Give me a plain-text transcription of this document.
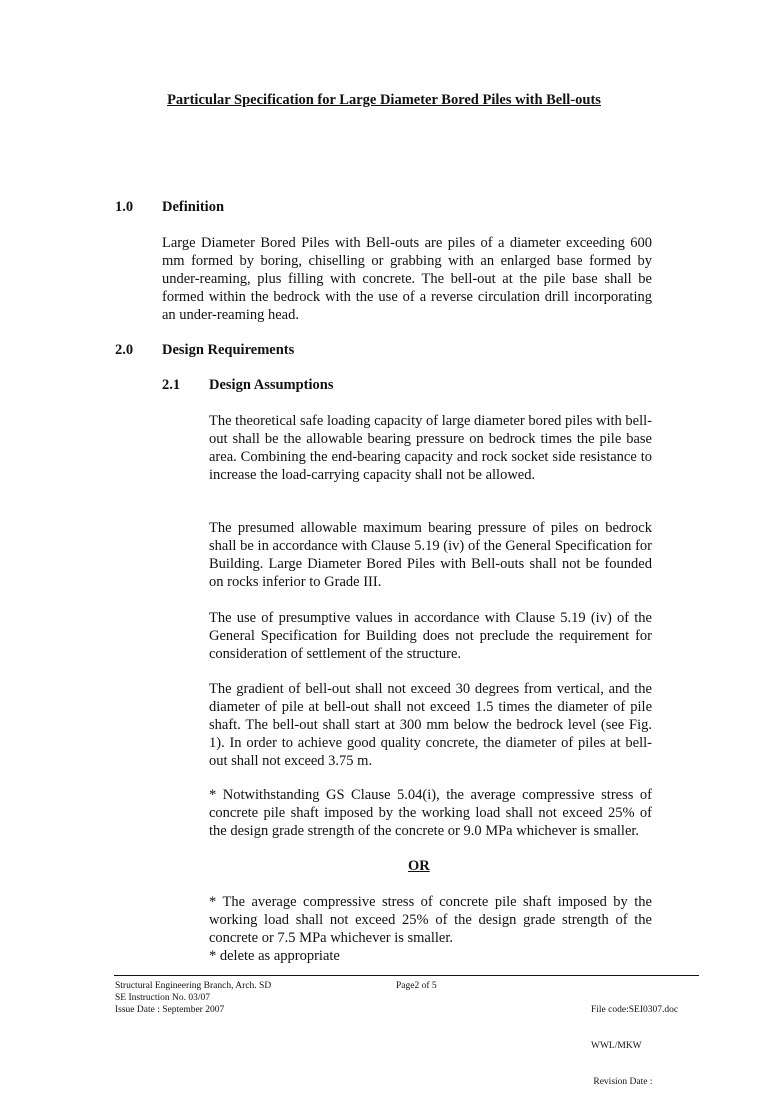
Particular Specification for Large Diameter Bored Piles with Bell-outs
1.0 Definition
Large Diameter Bored Piles with Bell-outs are piles of a diameter exceeding 600 mm formed by boring, chiselling or grabbing with an enlarged base formed by under-reaming, plus filling with concrete. The bell-out at the pile base shall be formed within the bedrock with the use of a reverse circulation drill incorporating an under-reaming head.
2.0 Design Requirements
2.1 Design Assumptions
The theoretical safe loading capacity of large diameter bored piles with bell-out shall be the allowable bearing pressure on bedrock times the pile base area. Combining the end-bearing capacity and rock socket side resistance to increase the load-carrying capacity shall not be allowed.
The presumed allowable maximum bearing pressure of piles on bedrock shall be in accordance with Clause 5.19 (iv) of the General Specification for Building. Large Diameter Bored Piles with Bell-outs shall not be founded on rocks inferior to Grade III.
The use of presumptive values in accordance with Clause 5.19 (iv) of the General Specification for Building does not preclude the requirement for consideration of settlement of the structure.
The gradient of bell-out shall not exceed 30 degrees from vertical, and the diameter of pile at bell-out shall not exceed 1.5 times the diameter of pile shaft. The bell-out shall start at 300 mm below the bedrock level (see Fig. 1). In order to achieve good quality concrete, the diameter of piles at bell-out shall not exceed 3.75 m.
* Notwithstanding GS Clause 5.04(i), the average compressive stress of concrete pile shaft imposed by the working load shall not exceed 25% of the design grade strength of the concrete or 9.0 MPa whichever is smaller.
OR
* The average compressive stress of concrete pile shaft imposed by the working load shall not exceed 25% of the design grade strength of the concrete or 7.5 MPa whichever is smaller.
* delete as appropriate
Structural Engineering Branch, Arch. SD
SE Instruction No. 03/07
Issue Date : September 2007
Page2 of 5

File code:SEI0307.doc

WWL/MKW

Revision Date :
